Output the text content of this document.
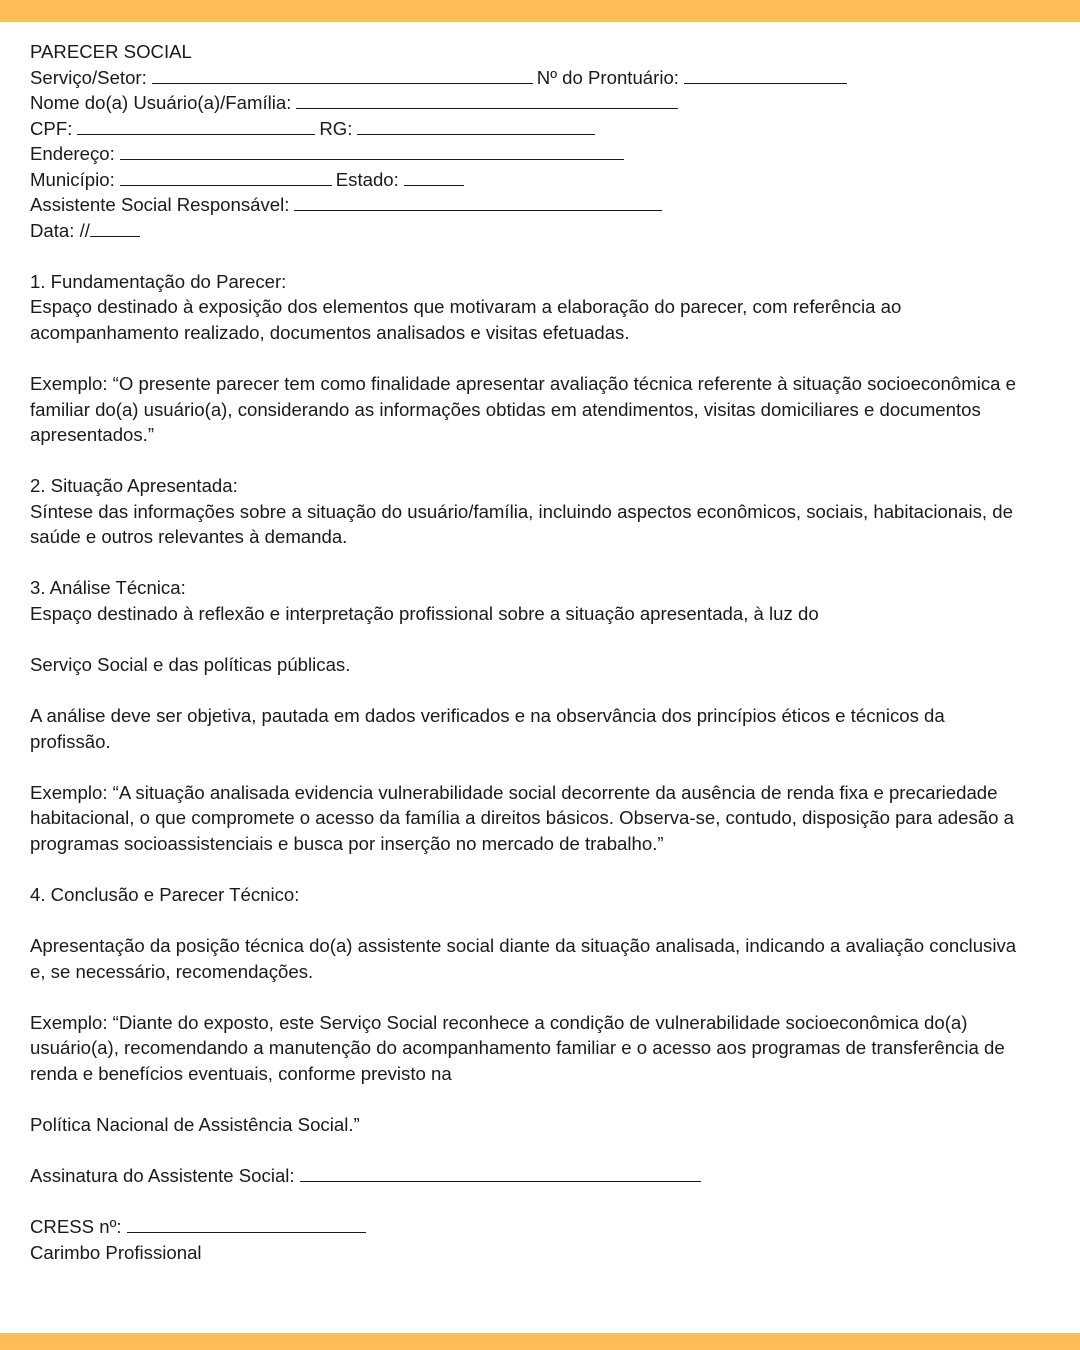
PARECER SOCIAL
Serviço/Setor:	Nº do Prontuário:
Nome do(a) Usuário(a)/Família:
CPF:	RG:
Endereço:
Município:	Estado:
Assistente Social Responsável:
Data: //
1. Fundamentação do Parecer:
Espaço destinado à exposição dos elementos que motivaram a elaboração do parecer, com referência ao acompanhamento realizado, documentos analisados e visitas efetuadas.
Exemplo: “O presente parecer tem como finalidade apresentar avaliação técnica referente à situação socioeconômica e familiar do(a) usuário(a), considerando as informações obtidas em atendimentos, visitas domiciliares e documentos apresentados.”
2. Situação Apresentada:
Síntese das informações sobre a situação do usuário/família, incluindo aspectos econômicos, sociais, habitacionais, de saúde e outros relevantes à demanda.
3. Análise Técnica:
Espaço destinado à reflexão e interpretação profissional sobre a situação apresentada, à luz do
Serviço Social e das políticas públicas.
A análise deve ser objetiva, pautada em dados verificados e na observância dos princípios éticos e técnicos da profissão.
Exemplo: “A situação analisada evidencia vulnerabilidade social decorrente da ausência de renda fixa e precariedade habitacional, o que compromete o acesso da família a direitos básicos. Observa-se, contudo, disposição para adesão a programas socioassistenciais e busca por inserção no mercado de trabalho.”
4. Conclusão e Parecer Técnico:
Apresentação da posição técnica do(a) assistente social diante da situação analisada, indicando a avaliação conclusiva e, se necessário, recomendações.
Exemplo: “Diante do exposto, este Serviço Social reconhece a condição de vulnerabilidade socioeconômica do(a) usuário(a), recomendando a manutenção do acompanhamento familiar e o acesso aos programas de transferência de renda e benefícios eventuais, conforme previsto na
Política Nacional de Assistência Social.”
Assinatura do Assistente Social:
CRESS nº:
Carimbo Profissional
